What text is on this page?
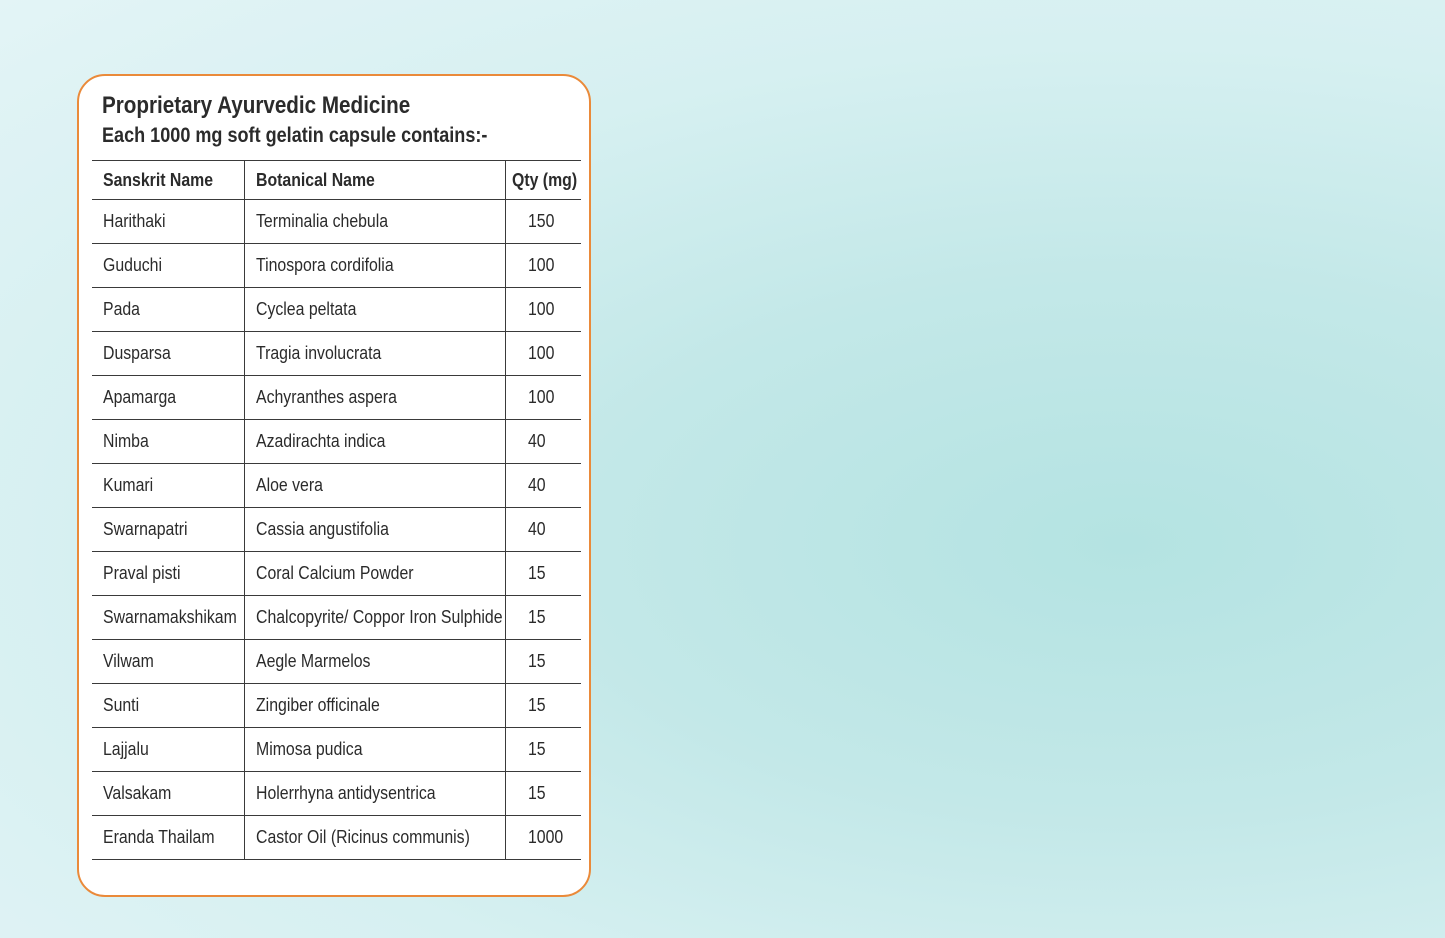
Proprietary Ayurvedic Medicine
Each 1000 mg soft gelatin capsule contains:-
Sanskrit Name	Botanical Name	Qty (mg)
Harithaki	Terminalia chebula	150
Guduchi	Tinospora cordifolia	100
Pada	Cyclea peltata	100
Dusparsa	Tragia involucrata	100
Apamarga	Achyranthes aspera	100
Nimba	Azadirachta indica	40
Kumari	Aloe vera	40
Swarnapatri	Cassia angustifolia	40
Praval pisti	Coral Calcium Powder	15
Swarnamakshikam	Chalcopyrite/ Coppor Iron Sulphide	15
Vilwam	Aegle Marmelos	15
Sunti	Zingiber officinale	15
Lajjalu	Mimosa pudica	15
Valsakam	Holerrhyna antidysentrica	15
Eranda Thailam	Castor Oil (Ricinus communis)	1000
